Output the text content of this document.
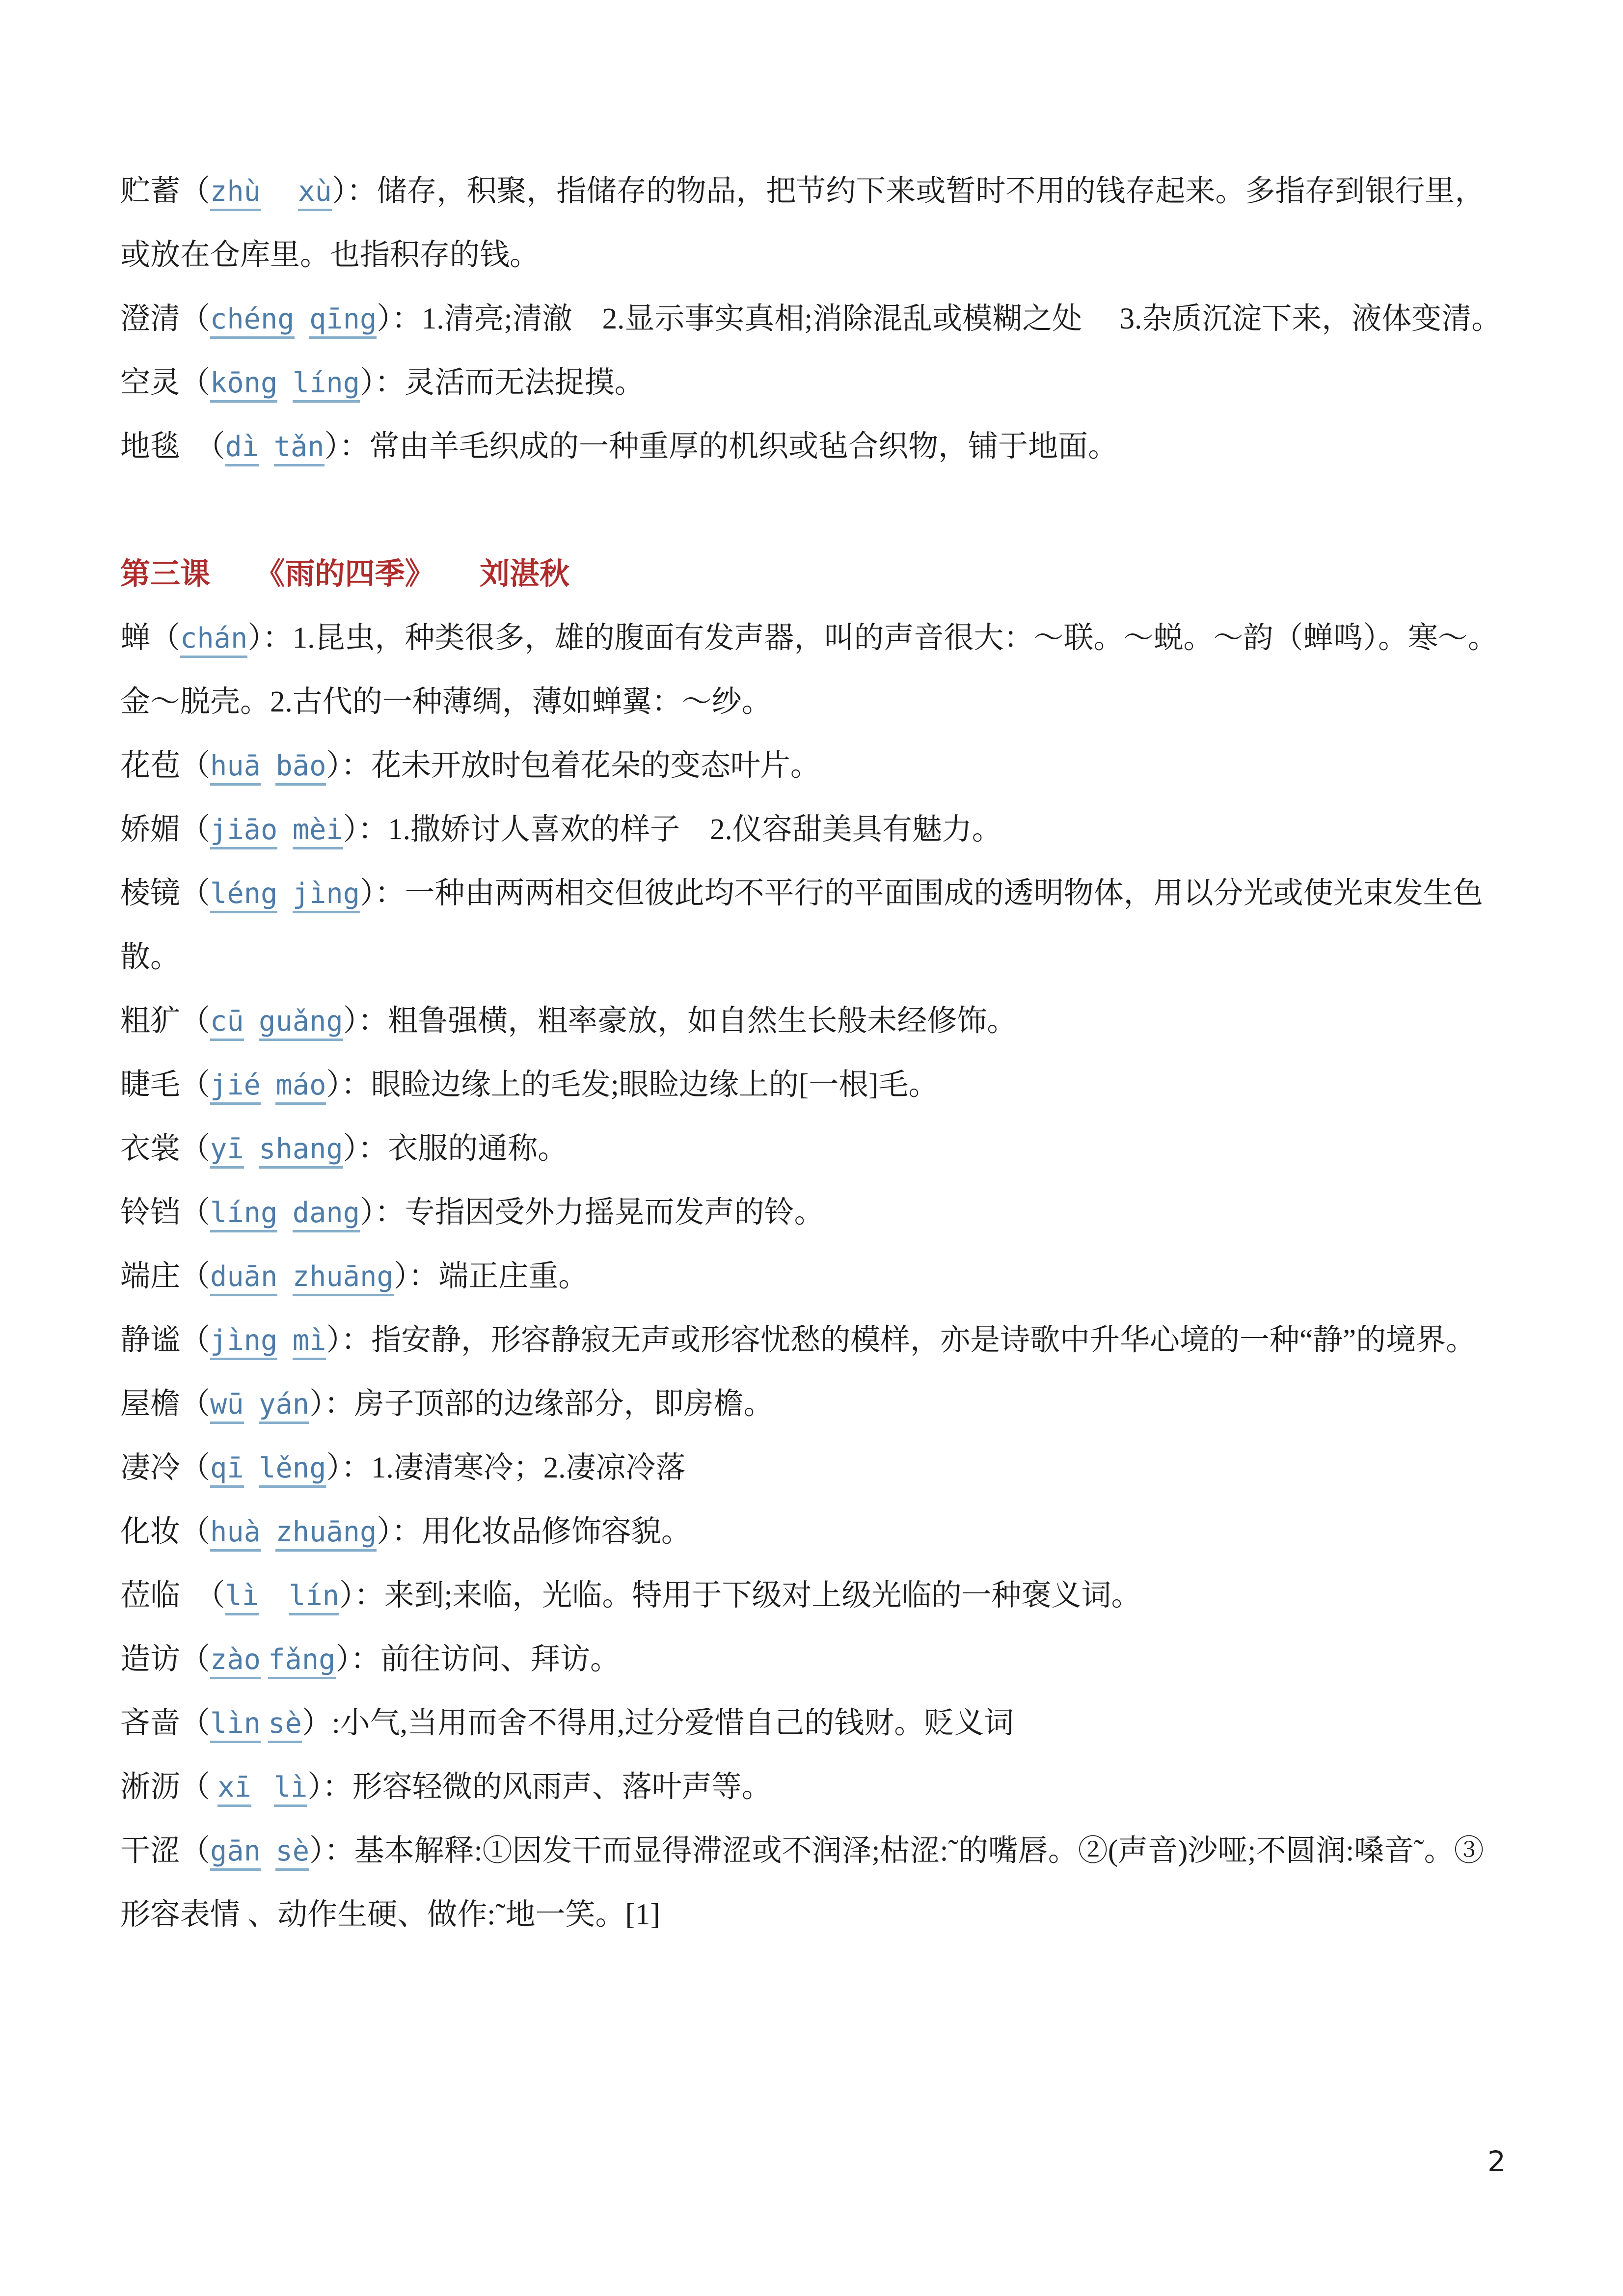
贮蓄（zhù xù）：储存，积聚，指储存的物品，把节约下来或暂时不用的钱存起来。多指存到银行里，或放在仓库里。也指积存的钱。

澄清（chéng qīng）：1.清亮;清澈　2.显示事实真相;消除混乱或模糊之处　 3.杂质沉淀下来，液体变清。

空灵（kōng líng）：灵活而无法捉摸。

地毯　（dì tǎn）：常由羊毛织成的一种重厚的机织或毡合织物，铺于地面。

第三课　　《雨的四季》　　刘湛秋

蝉（chán）：1.昆虫，种类很多，雄的腹面有发声器，叫的声音很大：～联。～蜕。～韵（蝉鸣）。寒～。金～脱壳。2.古代的一种薄绸，薄如蝉翼：～纱。

花苞（huā bāo）：花未开放时包着花朵的变态叶片。

娇媚（jiāo mèi）：1.撒娇讨人喜欢的样子　2.仪容甜美具有魅力。

棱镜（léng jìng）：一种由两两相交但彼此均不平行的平面围成的透明物体，用以分光或使光束发生色散。

粗犷（cū guǎng）：粗鲁强横，粗率豪放，如自然生长般未经修饰。

睫毛（jié máo）：眼睑边缘上的毛发;眼睑边缘上的[一根]毛。

衣裳（yī shang）：衣服的通称。

铃铛（líng dang）：专指因受外力摇晃而发声的铃。

端庄（duān zhuāng）：端正庄重。

静谧（jìng mì）：指安静，形容静寂无声或形容忧愁的模样，亦是诗歌中升华心境的一种“静”的境界。

屋檐（wū yán）：房子顶部的边缘部分，即房檐。

凄冷（qī lěng）：1.凄清寒冷；2.凄凉冷落

化妆（huà zhuāng）：用化妆品修饰容貌。

莅临　（lì lín）：来到;来临，光临。特用于下级对上级光临的一种褒义词。

造访（zào fǎng）：前往访问、拜访。

吝啬（lìn sè）:小气,当用而舍不得用,过分爱惜自己的钱财。贬义词

淅沥（ xī lì）：形容轻微的风雨声、落叶声等。

干涩（gān sè）：基本解释:①因发干而显得滞涩或不润泽;枯涩:˜的嘴唇。②(声音)沙哑;不圆润:嗓音˜。③形容表情 、动作生硬、做作:˜地一笑。[1]

2
